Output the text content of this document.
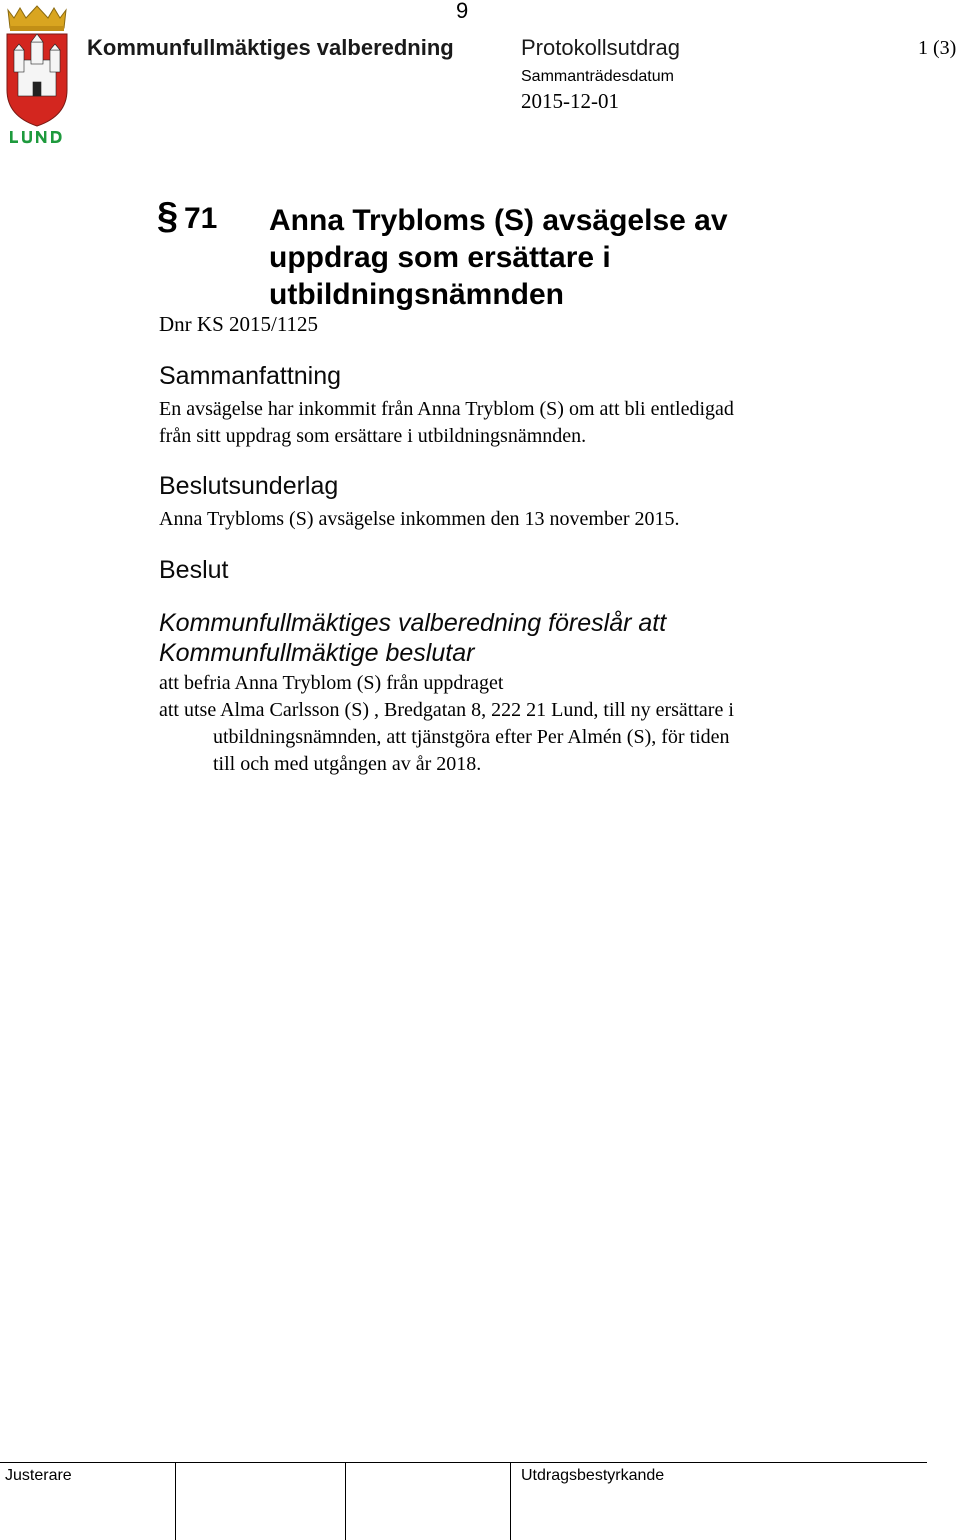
9
Kommunfullmäktiges valberedning	Protokollsutdrag	1 (3)
Sammanträdesdatum
2015-12-01
§ 71 Anna Trybloms (S) avsägelse av
uppdrag som ersättare i
utbildningsnämnden
Dnr KS 2015/1125
Sammanfattning
En avsägelse har inkommit från Anna Tryblom (S) om att bli entledigad
från sitt uppdrag som ersättare i utbildningsnämnden.
Beslutsunderlag
Anna Trybloms (S) avsägelse inkommen den 13 november 2015.
Beslut
Kommunfullmäktiges valberedning föreslår att
Kommunfullmäktige beslutar
att befria Anna Tryblom (S) från uppdraget
att utse Alma Carlsson (S) , Bredgatan 8, 222 21 Lund, till ny ersättare i
utbildningsnämnden, att tjänstgöra efter Per Almén (S), för tiden
till och med utgången av år 2018.
Justerare	Utdragsbestyrkande
